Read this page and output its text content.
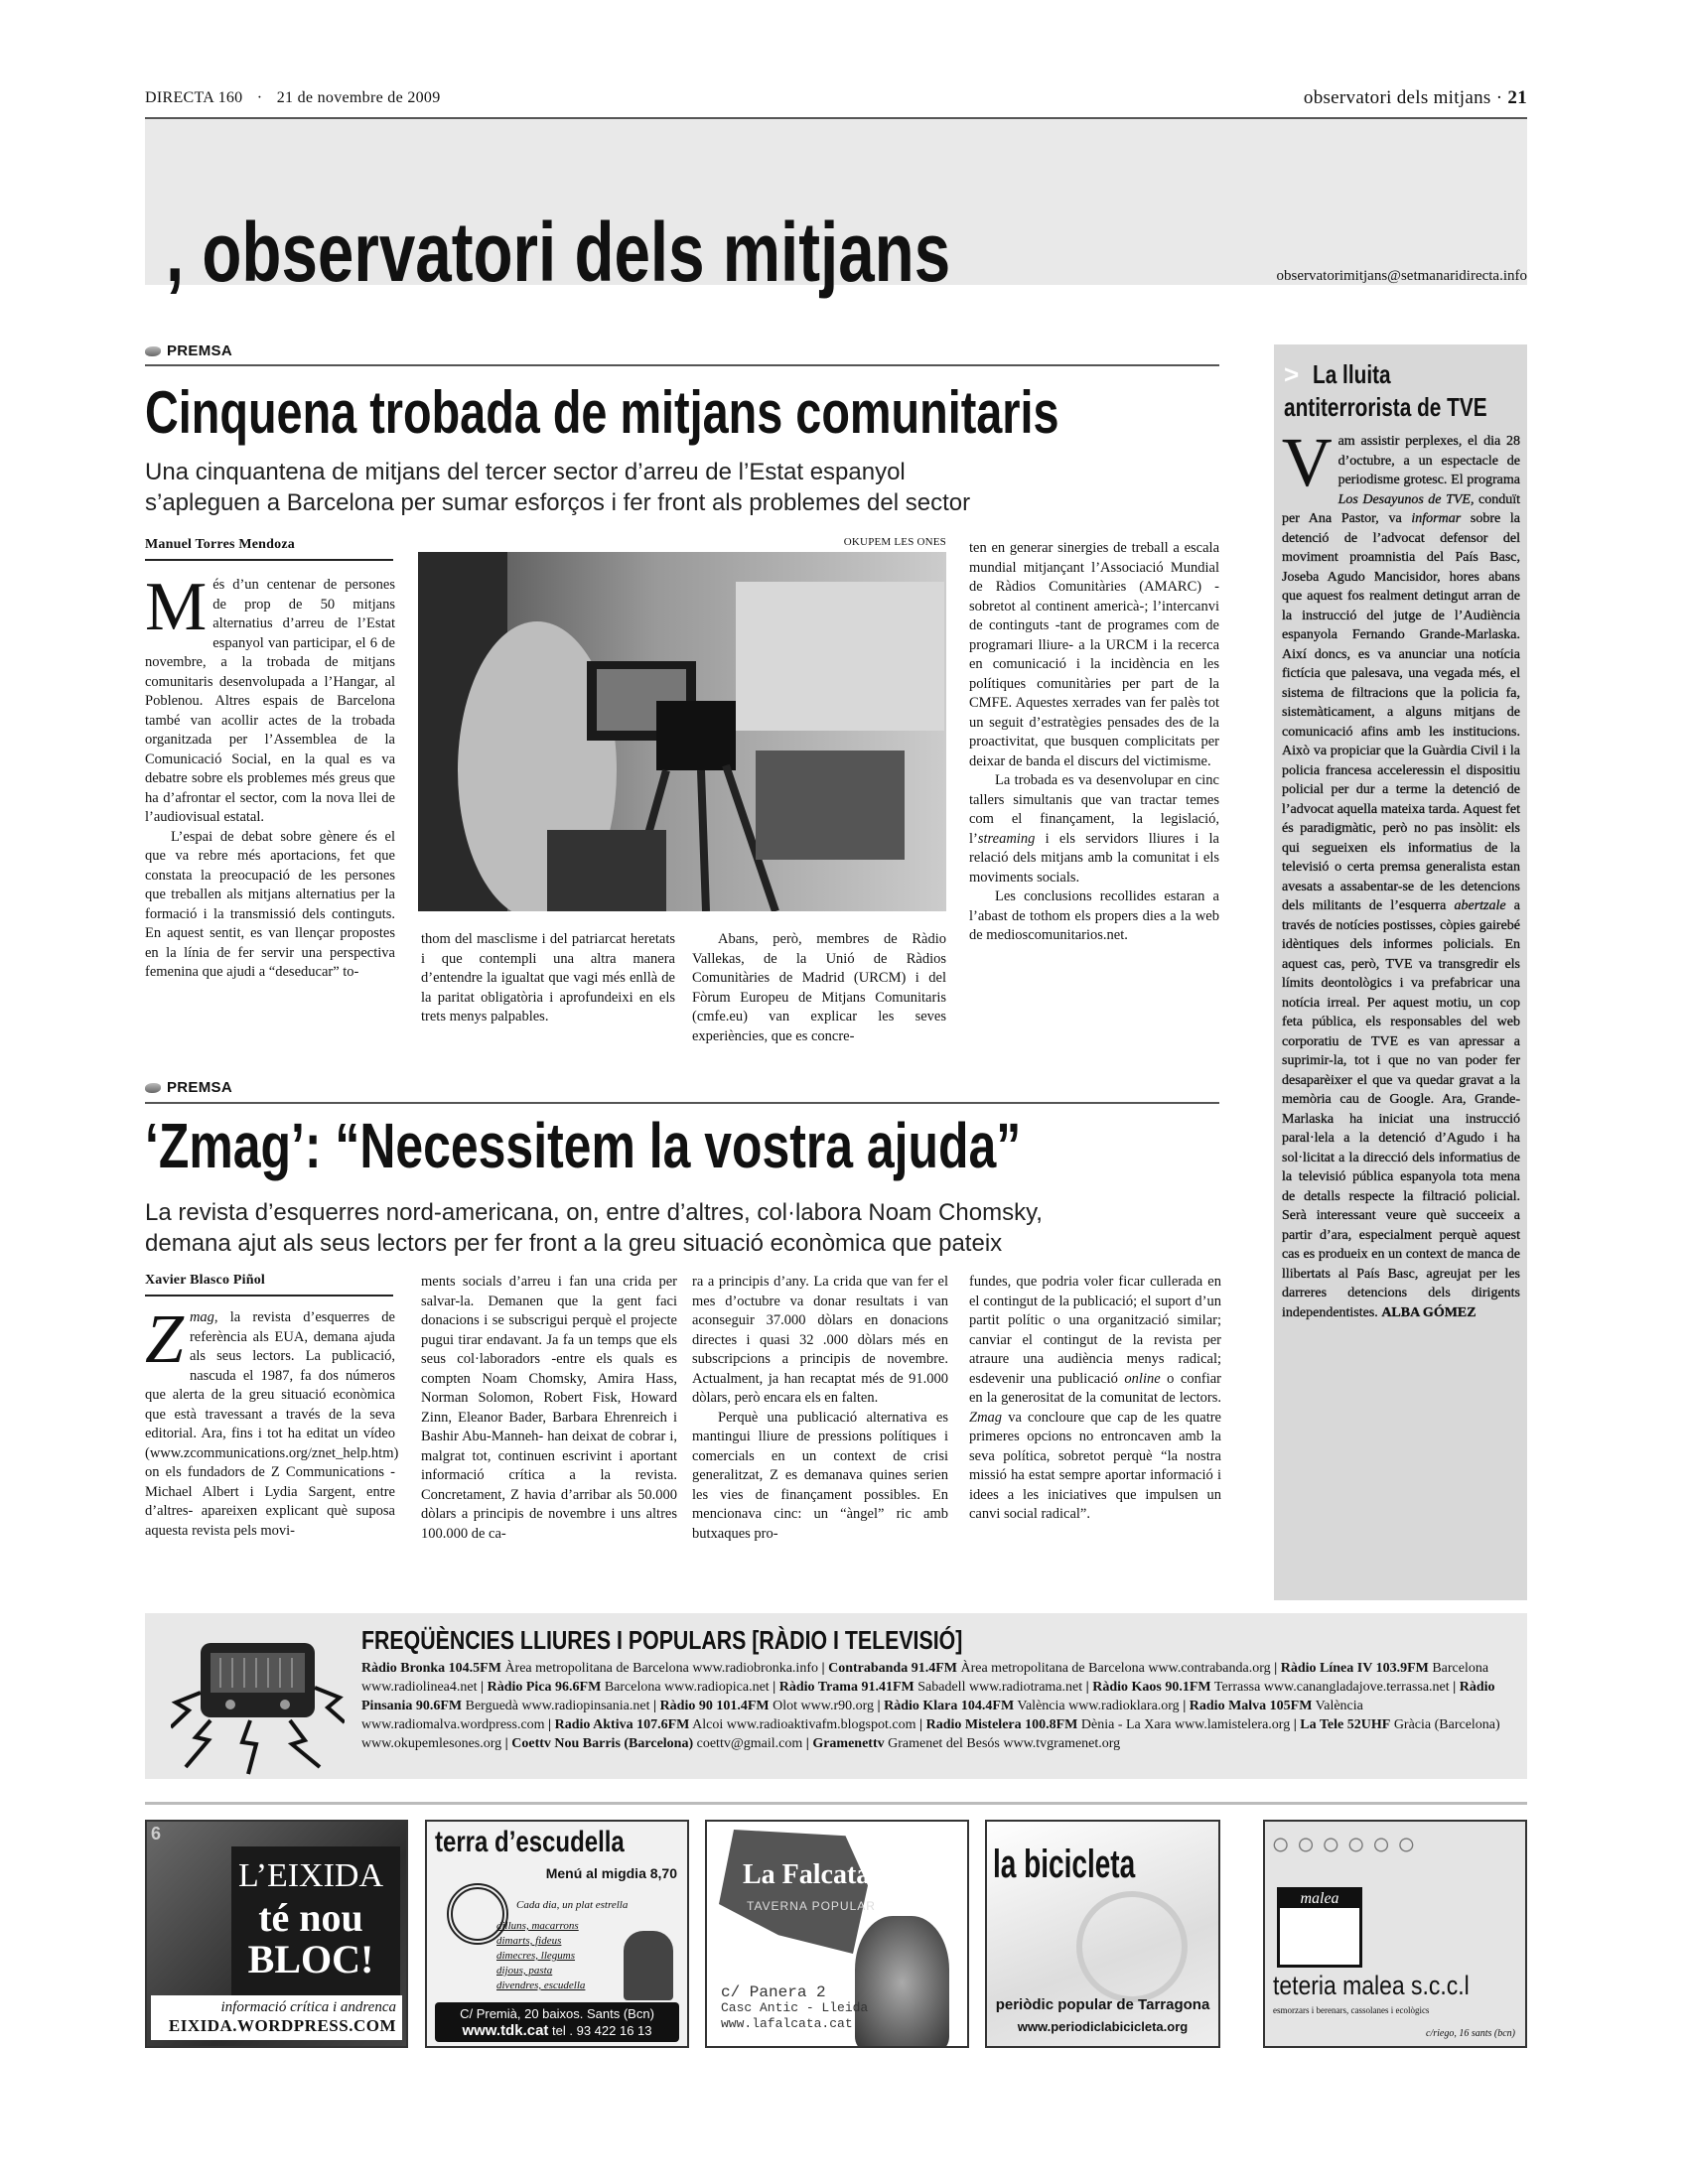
DIRECTA 160 · 21 de novembre de 2009	observatori dels mitjans · 21
, observatori dels mitjans	observatorimitjans@setmanaridirecta.info
PREMSA
Cinquena trobada de mitjans comunitaris
Una cinquantena de mitjans del tercer sector d’arreu de l’Estat espanyol
s’apleguen a Barcelona per sumar esforços i fer front als problemes del sector
Manuel Torres Mendoza	OKUPEM LES ONES

Més d’un centenar de persones de prop de 50 mitjans alternatius d’arreu de l’Estat espanyol van participar, el 6 de novembre, a la trobada de mitjans comunitaris desenvolupada a l’Hangar, al Poblenou. Altres espais de Barcelona també van acollir actes de la trobada organitzada per l’Assemblea de la Comunicació Social, en la qual es va debatre sobre els problemes més greus que ha d’afrontar el sector, com la nova llei de l’audiovisual estatal.

L’espai de debat sobre gènere és el que va rebre més aportacions, fet que constata la preocupació de les persones que treballen als mitjans alternatius per la formació i la transmissió dels continguts. En aquest sentit, es van llençar propostes en la línia de fer servir una perspectiva femenina que ajudi a “deseducar” to-

thom del masclisme i del patriarcat heretats i que contempli una altra manera d’entendre la igualtat que vagi més enllà de la paritat obligatòria i aprofundeixi en els trets menys palpables.

Abans, però, membres de Ràdio Vallekas, de la Unió de Ràdios Comunitàries de Madrid (URCM) i del Fòrum Europeu de Mitjans Comunitaris (cmfe.eu) van explicar les seves experiències, que es concre-

ten en generar sinergies de treball a escala mundial mitjançant l’Associació Mundial de Ràdios Comunitàries (AMARC) -sobretot al continent americà-; l’intercanvi de continguts -tant de programes com de programari lliure- a la URCM i la recerca en comunicació i la incidència en les polítiques comunitàries per part de la CMFE. Aquestes xerrades van fer palès tot un seguit d’estratègies pensades des de la proactivitat, que busquen complicitats per deixar de banda el discurs del victimisme.

La trobada es va desenvolupar en cinc tallers simultanis que van tractar temes com el finançament, la legislació, l’streaming i els servidors lliures i la relació dels mitjans amb la comunitat i els moviments socials.

Les conclusions recollides estaran a l’abast de tothom els propers dies a la web de medioscomunitarios.net.

> La lluita
antiterrorista de TVE

Vam assistir perplexes, el dia 28 d’octubre, a un espectacle de periodisme grotesc. El programa Los Desayunos de TVE, conduït per Ana Pastor, va informar sobre la detenció de l’advocat defensor del moviment proamnistia del País Basc, Joseba Agudo Mancisidor, hores abans que aquest fos realment detingut arran de la instrucció del jutge de l’Audiència espanyola Fernando Grande-Marlaska. Així doncs, es va anunciar una notícia fictícia que palesava, una vegada més, el sistema de filtracions que la policia fa, sistemàticament, a alguns mitjans de comunicació afins amb les institucions. Això va propiciar que la Guàrdia Civil i la policia francesa acceleressin el dispositiu policial per dur a terme la detenció de l’advocat aquella mateixa tarda. Aquest fet és paradigmàtic, però no pas insòlit: els qui segueixen els informatius de la televisió o certa premsa generalista estan avesats a assabentar-se de les detencions dels militants de l’esquerra abertzale a través de notícies postisses, còpies gairebé idèntiques dels informes policials. En aquest cas, però, TVE va transgredir els límits deontològics i va prefabricar una notícia irreal. Per aquest motiu, un cop feta pública, els responsables del web corporatiu de TVE es van apressar a suprimir-la, tot i que no van poder fer desaparèixer el que va quedar gravat a la memòria cau de Google. Ara, Grande-Marlaska ha iniciat una instrucció paral·lela a la detenció d’Agudo i ha sol·licitat a la direcció dels informatius de la televisió pública espanyola tota mena de detalls respecte la filtració policial. Serà interessant veure què succeeix a partir d’ara, especialment perquè aquest cas es produeix en un context de manca de llibertats al País Basc, agreujat per les darreres detencions dels dirigents independentistes. ALBA GÓMEZ

PREMSA
‘Zmag’: “Necessitem la vostra ajuda”
La revista d’esquerres nord-americana, on, entre d’altres, col·labora Noam Chomsky,
demana ajut als seus lectors per fer front a la greu situació econòmica que pateix
Xavier Blasco Piñol

Zmag, la revista d’esquerres de referència als EUA, demana ajuda als seus lectors. La publicació, nascuda el 1987, fa dos números que alerta de la greu situació econòmica que està travessant a través de la seva editorial. Ara, fins i tot ha editat un vídeo (www.zcommunications.org/znet_help.htm) on els fundadors de Z Communications -Michael Albert i Lydia Sargent, entre d’altres- apareixen explicant què suposa aquesta revista pels movi-

ments socials d’arreu i fan una crida per salvar-la. Demanen que la gent faci donacions i se subscrigui perquè el projecte pugui tirar endavant. Ja fa un temps que els seus col·laboradors -entre els quals es compten Noam Chomsky, Amira Hass, Norman Solomon, Robert Fisk, Howard Zinn, Eleanor Bader, Barbara Ehrenreich i Bashir Abu-Manneh- han deixat de cobrar i, malgrat tot, continuen escrivint i aportant informació crítica a la revista. Concretament, Z havia d’arribar als 50.000 dòlars a principis de novembre i uns altres 100.000 de ca-

ra a principis d’any. La crida que van fer el mes d’octubre va donar resultats i van aconseguir 37.000 dòlars en donacions directes i quasi 32 .000 dòlars més en subscripcions a principis de novembre. Actualment, ja han recaptat més de 91.000 dòlars, però encara els en falten.

Perquè una publicació alternativa es mantingui lliure de pressions polítiques i comercials en un context de crisi generalitzat, Z es demanava quines serien les vies de finançament possibles. En mencionava cinc: un “àngel” ric amb butxaques pro-

fundes, que podria voler ficar cullerada en el contingut de la publicació; el suport d’un partit polític o una organització similar; canviar el contingut de la revista per atraure una audiència menys radical; esdevenir una publicació online o confiar en la generositat de la comunitat de lectors. Zmag va concloure que cap de les quatre primeres opcions no entroncaven amb la seva política, sobretot perquè “la nostra missió ha estat sempre aportar informació i idees a les iniciatives que impulsen un canvi social radical”.

FREQÜÈNCIES LLIURES I POPULARS [RÀDIO I TELEVISIÓ]
Ràdio Bronka 104.5FM Àrea metropolitana de Barcelona www.radiobronka.info | Contrabanda 91.4FM Àrea metropolitana de Barcelona www.contrabanda.org | Ràdio Línea IV 103.9FM Barcelona www.radiolinea4.net | Ràdio Pica 96.6FM Barcelona www.radiopica.net | Ràdio Trama 91.41FM Sabadell www.radiotrama.net | Ràdio Kaos 90.1FM Terrassa www.canangladajove.terrassa.net | Ràdio Pinsania 90.6FM Berguedà www.radiopinsania.net | Ràdio 90 101.4FM Olot www.r90.org | Ràdio Klara 104.4FM València www.radioklara.org | Radio Malva 105FM València www.radiomalva.wordpress.com | Radio Aktiva 107.6FM Alcoi www.radioaktivafm.blogspot.com | Radio Mistelera 100.8FM Dènia - La Xara www.lamistelera.org | La Tele 52UHF Gràcia (Barcelona) www.okupemlesones.org | Coettv Nou Barris (Barcelona) coettv@gmail.com | Gramenettv Gramenet del Besós www.tvgramenet.org
6
L’EIXIDA
té nou
BLOC!
informació crítica i andrenca
EIXIDA.WORDPRESS.COM
terra d’escudella
Menú al migdia 8,70
Cada dia, un plat estrella
dilluns, macarrons
dimarts, fideus
dimecres, llegums
dijous, pasta
divendres, escudella
C/ Premià, 20 baixos. Sants (Bcn)
www.tdk.cat tel . 93 422 16 13
La Falcata
TAVERNA POPULAR
c/ Panera 2
Casc Antic - Lleida
www.lafalcata.cat
la bicicleta
periòdic popular de Tarragona
www.periodiclabicicleta.org
○○○○○○
malea
teteria malea s.c.c.l
esmorzars i berenars, cassolanes i ecològics
c/riego, 16 sants (bcn)
